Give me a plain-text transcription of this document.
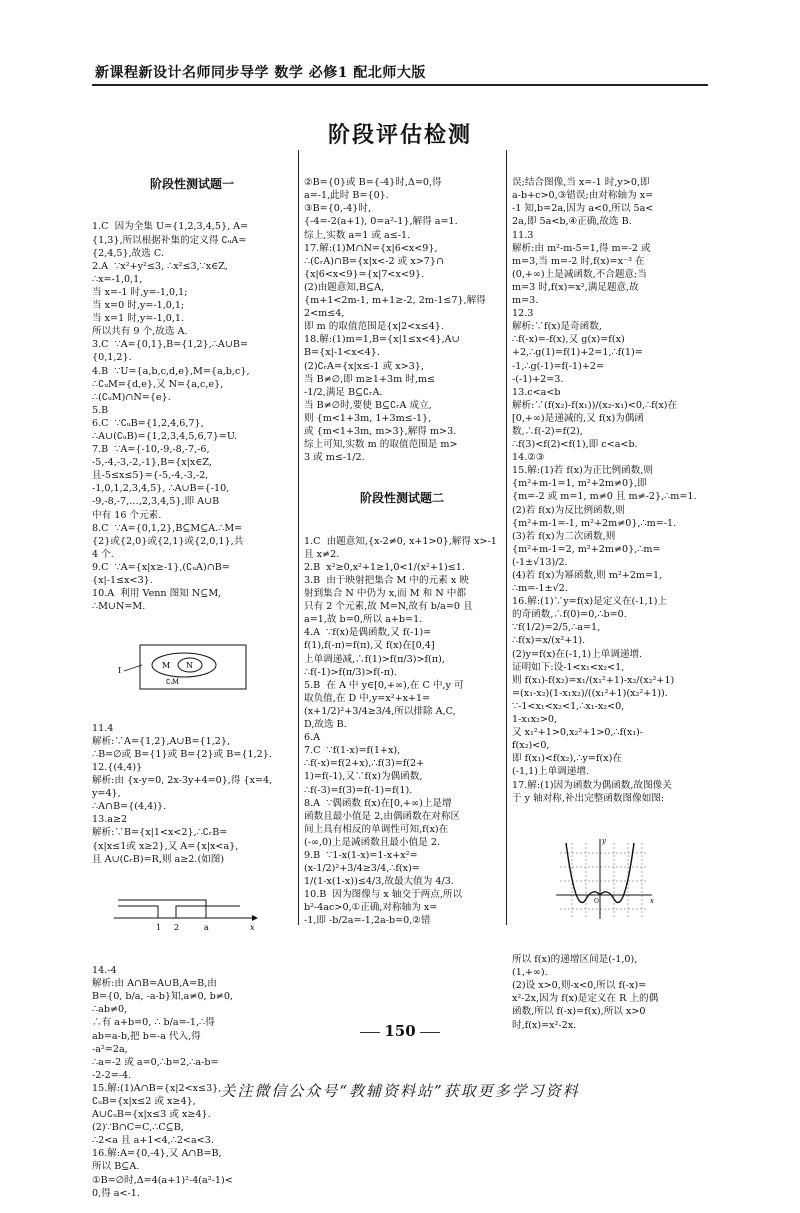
新课程新设计名师同步导学 数学 必修1 配北师大版
阶段评估检测

阶段性测试题一

1.C  因为全集 U={1,2,3,4,5}, A=
{1,3},所以根据补集的定义得 ∁ᵤA=
{2,4,5},故选 C.
2.A  ∵x²+y²≤3, ∴x²≤3,∵x∈Z,
∴x=-1,0,1,
当 x=-1 时,y=-1,0,1;
当 x=0 时,y=-1,0,1;
当 x=1 时,y=-1,0,1.
所以共有 9 个,故选 A.
3.C  ∵A={0,1},B={1,2},∴A∪B=
{0,1,2}.
4.B  ∵U={a,b,c,d,e},M={a,b,c},
∴∁ᵤM={d,e},又 N={a,c,e},
∴(∁ᵤM)∩N={e}.
5.B
6.C  ∵∁ᵤB={1,2,4,6,7},
∴A∪(∁ᵤB)={1,2,3,4,5,6,7}=U.
7.B  ∵A={-10,-9,-8,-7,-6,
-5,-4,-3,-2,-1},B={x|x∈Z,
且-5≤x≤5}={-5,-4,-3,-2,
-1,0,1,2,3,4,5}, ∴A∪B={-10,
-9,-8,-7,…,2,3,4,5},即 A∪B
中有 16 个元素.
8.C  ∵A={0,1,2},B⊆M⊆A.∴M=
{2}或{2,0}或{2,1}或{2,0,1},共
4 个.
9.C  ∵A={x|x≥-1},(∁ᵤA)∩B=
{x|-1≤x<3}.
10.A  利用 Venn 图知 N⊆M,
∴M∪N=M.

M N
I
∁ᵢM

11.4
解析:∵A={1,2},A∪B={1,2},
∴B=∅或 B={1}或 B={2}或 B={1,2}.
12.{(4,4)}
解析:由 {x-y=0, 2x-3y+4=0},得 {x=4, y=4},
∴A∩B={(4,4)}.
13.a≥2
解析:∵B={x|1<x<2},∴∁ᵣB=
{x|x≤1或 x≥2},又 A={x|x<a},
且 A∪(∁ᵣB)=R,则 a≥2.(如图)

1 2	a	x

14.-4
解析:由 A∩B=A∪B,A=B,由
B={0, b/a, -a-b}知,a≠0, b≠0,
∴ab≠0,
∴有 a+b=0, ∴ b/a=-1,∴得
ab=a-b,把 b=-a 代入,得
-a²=2a,
∴a=-2 或 a=0,∴b=2,∴a-b=
-2-2=-4.
15.解:(1)A∩B={x|2<x≤3},
∁ᵤB={x|x≤2 或 x≥4},
A∪∁ᵤB={x|x≤3 或 x≥4}.
(2)∵B∩C=C,∴C⊆B,
∴2<a 且 a+1<4,∴2<a<3.
16.解:A={0,-4},又 A∩B=B,
所以 B⊆A.
①B=∅时,Δ=4(a+1)²-4(a²-1)<
0,得 a<-1.

②B={0}或 B={-4}时,Δ=0,得
a=-1,此时 B={0}.
③B={0,-4}时,
{-4=-2(a+1), 0=a²-1},解得 a=1.
综上,实数 a=1 或 a≤-1.
17.解:(1)M∩N={x|6<x<9},
∴(∁ᵣA)∩B={x|x<-2 或 x>7}∩
{x|6<x<9}={x|7<x<9}.
(2)由题意知,B⊆A,
{m+1<2m-1, m+1≥-2, 2m-1≤7},解得 2<m≤4,
即 m 的取值范围是{x|2<x≤4}.
18.解:(1)m=1,B={x|1≤x<4},A∪
B={x|-1<x<4}.
(2)∁ᵣA={x|x≤-1 或 x>3},
当 B≠∅,即 m≥1+3m 时,m≤
-1/2,满足 B⊆∁ᵣA.
当 B≠∅时,要使 B⊆∁ᵣA 成立,
则 {m<1+3m, 1+3m≤-1},
或 {m<1+3m, m>3},解得 m>3.
综上可知,实数 m 的取值范围是 m>
3 或 m≤-1/2.

阶段性测试题二

1.C  由题意知,{x-2≠0, x+1>0},解得 x>-1
且 x≠2.
2.B  x²≥0,x²+1≥1,0<1/(x²+1)≤1.
3.B  由于映射把集合 M 中的元素 x 映
射到集合 N 中仍为 x,而 M 和 N 中都
只有 2 个元素,故 M=N,故有 b/a=0 且
a=1,故 b=0,所以 a+b=1.
4.A  ∵f(x)是偶函数,又 f(-1)=
f(1),f(-π)=f(π),又 f(x)在[0,4]
上单调递减,∴f(1)>f(π/3)>f(π),
∴f(-1)>f(π/3)>f(-π).
5.B  在 A 中 y∈[0,+∞),在 C 中,y 可
取负值,在 D 中,y=x²+x+1=
(x+1/2)²+3/4≥3/4,所以排除 A,C,
D,故选 B.
6.A
7.C  ∵f(1-x)=f(1+x),
∴f(-x)=f(2+x),∴f(3)=f(2+
1)=f(-1),又∵f(x)为偶函数,
∴f(-3)=f(3)=f(-1)=f(1).
8.A  ∵偶函数 f(x)在[0,+∞)上是增
函数且最小值是 2,由偶函数在对称区
间上具有相反的单调性可知,f(x)在
(-∞,0)上是减函数且最小值是 2.
9.B  ∵1-x(1-x)=1-x+x²=
(x-1/2)²+3/4≥3/4,∴f(x)=
1/(1-x(1-x))≤4/3,故最大值为 4/3.
10.B  因为图像与 x 轴交于两点,所以
b²-4ac>0,①正确,对称轴为 x=
-1,即 -b/2a=-1,2a-b=0,②错

误;结合图像,当 x=-1 时,y>0,即
a-b+c>0,③错误;由对称轴为 x=
-1 知,b=2a,因为 a<0,所以 5a<
2a,即 5a<b,④正确,故选 B.
11.3
解析:由 m²-m-5=1,得 m=-2 或
m=3,当 m=-2 时,f(x)=x⁻³ 在
(0,+∞)上是减函数,不合题意;当
m=3 时,f(x)=x²,满足题意,故
m=3.
12.3
解析:∵f(x)是奇函数,
∴f(-x)=-f(x),又 g(x)=f(x)
+2,∴g(1)=f(1)+2=1,∴f(1)=
-1,∴g(-1)=f(-1)+2=
-(-1)+2=3.
13.c<a<b
解析:∵(f(x₂)-f(x₁))/(x₂-x₁)<0,∴f(x)在
[0,+∞)是递减的,又 f(x)为偶函
数,∴f(-2)=f(2),
∴f(3)<f(2)<f(1),即 c<a<b.
14.②③
15.解:(1)若 f(x)为正比例函数,则
{m²+m-1=1, m²+2m≠0},即
{m=-2 或 m=1, m≠0 且 m≠-2},∴m=1.
(2)若 f(x)为反比例函数,则
{m²+m-1=-1, m²+2m≠0},∴m=-1.
(3)若 f(x)为二次函数,则
{m²+m-1=2, m²+2m≠0},∴m=(-1±√13)/2.
(4)若 f(x)为幂函数,则 m²+2m=1,
∴m=-1±√2.
16.解:(1)∵y=f(x)是定义在(-1,1)上
的奇函数,∴f(0)=0,∴b=0.
∵f(1/2)=2/5,∴a=1,
∴f(x)=x/(x²+1).
(2)y=f(x)在(-1,1)上单调递增.
证明如下:设-1<x₁<x₂<1,
则 f(x₁)-f(x₂)=x₁/(x₁²+1)-x₂/(x₂²+1)
=(x₁-x₂)(1-x₁x₂)/((x₁²+1)(x₂²+1)).
∵-1<x₁<x₂<1,∴x₁-x₂<0,
1-x₁x₂>0,
又 x₁²+1>0,x₂²+1>0,∴f(x₁)-
f(x₂)<0,
即 f(x₁)<f(x₂),∴y=f(x)在
(-1,1)上单调递增.
17.解:(1)因为函数为偶函数,故图像关
于 y 轴对称,补出完整函数图像如图:

x
y
O

所以 f(x)的递增区间是(-1,0),
(1,+∞).
(2)设 x>0,则-x<0,所以 f(-x)=
x²-2x,因为 f(x)是定义在 R 上的偶
函数,所以 f(-x)=f(x),所以 x>0
时,f(x)=x²-2x.

150
关注微信公众号“教辅资料站”获取更多学习资料
